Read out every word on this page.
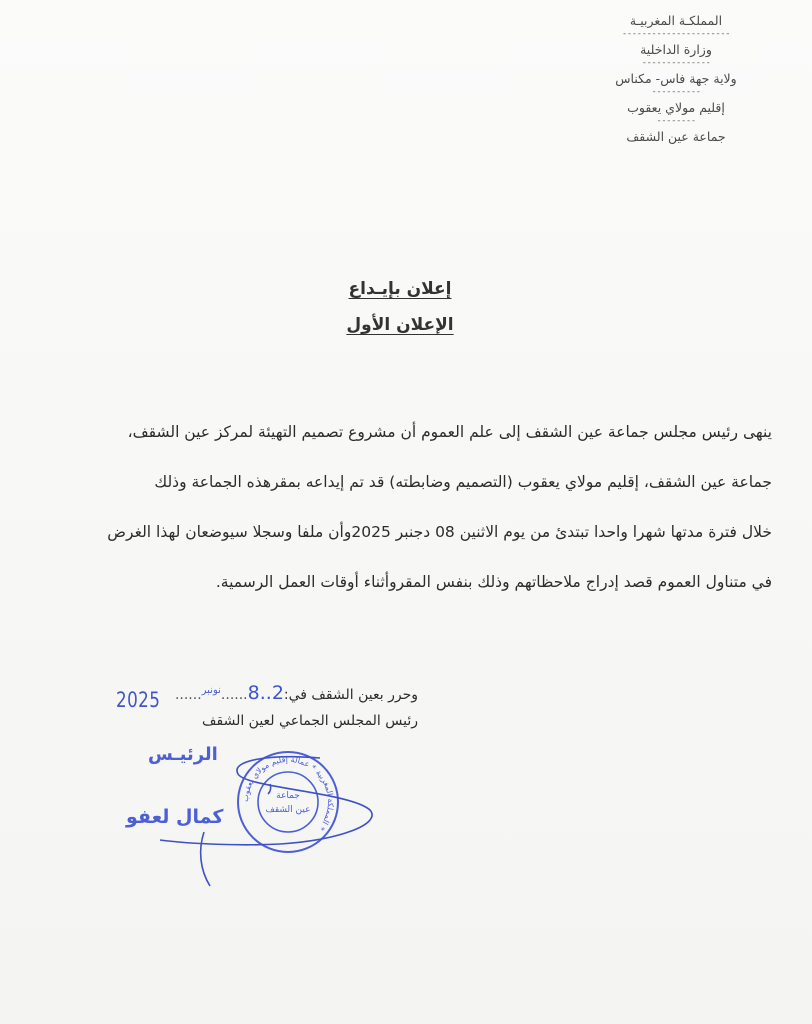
المملكـة المغربيـة
----------------------
وزارة الداخلية
--------------
ولاية جهة فاس- مكناس
----------
إقليم مولاي يعقوب
--------
جماعة عين الشقف
إعلان بإيـداع
الإعلان الأول
ينهى رئيس مجلس جماعة عين الشقف إلى علم العموم أن مشروع تصميم التهيئة لمركز عين الشقف،
جماعة عين الشقف، إقليم مولاي يعقوب (التصميم وضابطته) قد تم إيداعه بمقرهذه الجماعة وذلك
خلال فترة مدتها شهرا واحدا تبتدئ من يوم الاثنين 08 دجنبر 2025وأن ملفا وسجلا سيوضعان لهذا الغرض
في متناول العموم قصد إدراج ملاحظاتهم وذلك بنفس المقروأثناء أوقات العمل الرسمية.
وحرر بعين الشقف في:2..8......$^{نونبر}$......
2025
رئيس المجلس الجماعي لعين الشقف
الرئيـس
كمال لعفو
المملكة المغربية * عمالة إقليم مولاي يعقوب *
جماعة
عين الشقف
